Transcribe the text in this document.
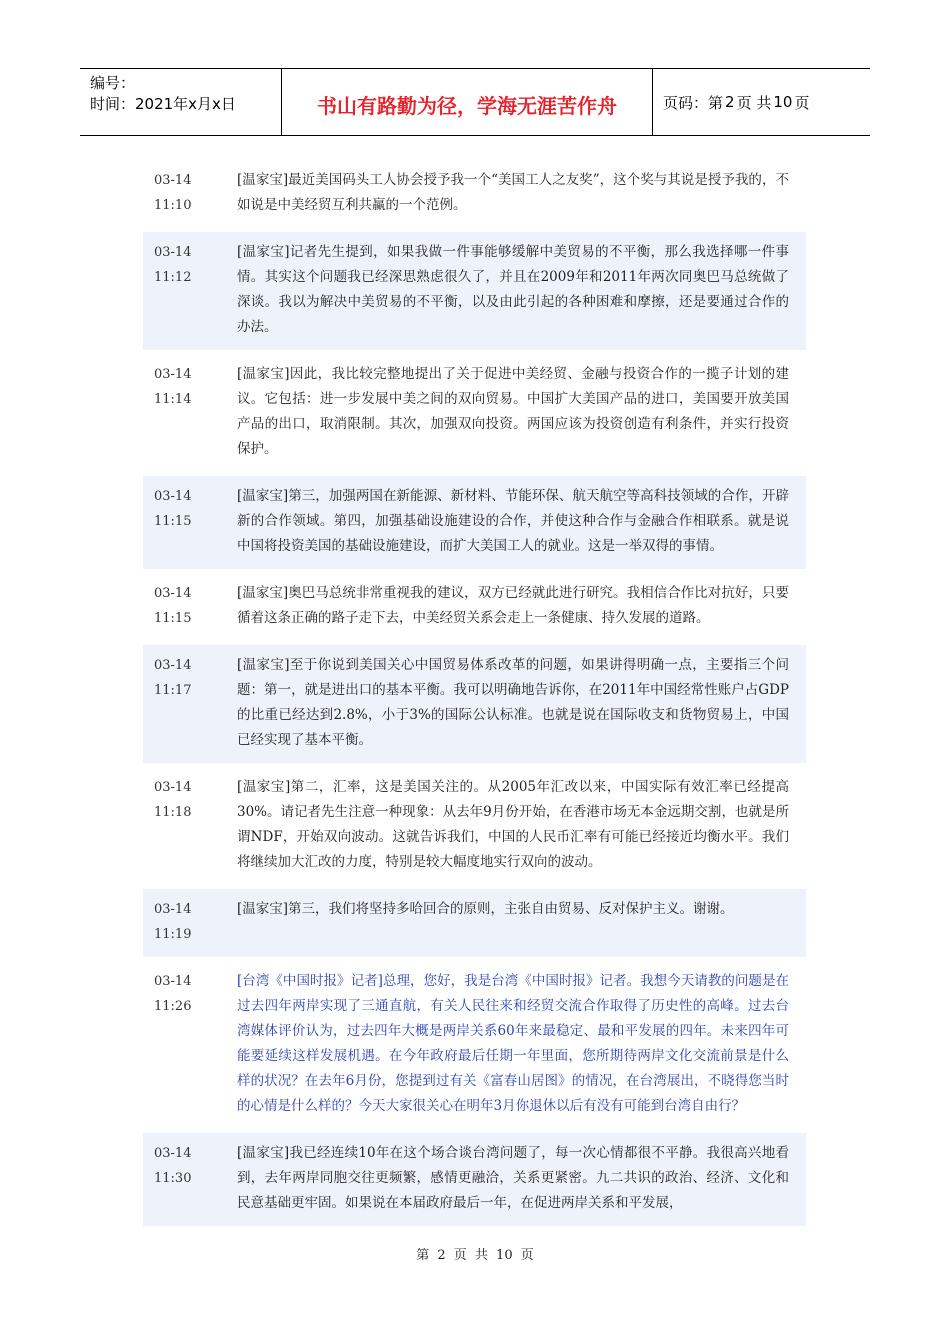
编号：
时间：2021年x月x日	书山有路勤为径，学海无涯苦作舟	页码：第 2 页 共 10 页
03-14
11:10
[温家宝]最近美国码头工人协会授予我一个“美国工人之友奖”，这个奖与其说是授予我的，不如说是中美经贸互利共赢的一个范例。
03-14
11:12
[温家宝]记者先生提到，如果我做一件事能够缓解中美贸易的不平衡，那么我选择哪一件事情。其实这个问题我已经深思熟虑很久了，并且在2009年和2011年两次同奥巴马总统做了深谈。我以为解决中美贸易的不平衡，以及由此引起的各种困难和摩擦，还是要通过合作的办法。
03-14
11:14
[温家宝]因此，我比较完整地提出了关于促进中美经贸、金融与投资合作的一揽子计划的建议。它包括：进一步发展中美之间的双向贸易。中国扩大美国产品的进口，美国要开放美国产品的出口，取消限制。其次，加强双向投资。两国应该为投资创造有利条件，并实行投资保护。
03-14
11:15
[温家宝]第三，加强两国在新能源、新材料、节能环保、航天航空等高科技领域的合作，开辟新的合作领域。第四，加强基础设施建设的合作，并使这种合作与金融合作相联系。就是说中国将投资美国的基础设施建设，而扩大美国工人的就业。这是一举双得的事情。
03-14
11:15
[温家宝]奥巴马总统非常重视我的建议，双方已经就此进行研究。我相信合作比对抗好，只要循着这条正确的路子走下去，中美经贸关系会走上一条健康、持久发展的道路。
03-14
11:17
[温家宝]至于你说到美国关心中国贸易体系改革的问题，如果讲得明确一点，主要指三个问题：第一，就是进出口的基本平衡。我可以明确地告诉你，在2011年中国经常性账户占GDP的比重已经达到2.8%，小于3%的国际公认标准。也就是说在国际收支和货物贸易上，中国已经实现了基本平衡。
03-14
11:18
[温家宝]第二，汇率，这是美国关注的。从2005年汇改以来，中国实际有效汇率已经提高30%。请记者先生注意一种现象：从去年9月份开始，在香港市场无本金远期交割，也就是所谓NDF，开始双向波动。这就告诉我们，中国的人民币汇率有可能已经接近均衡水平。我们将继续加大汇改的力度，特别是较大幅度地实行双向的波动。
03-14
11:19
[温家宝]第三，我们将坚持多哈回合的原则，主张自由贸易、反对保护主义。谢谢。
03-14
11:26
[台湾《中国时报》记者]总理，您好，我是台湾《中国时报》记者。我想今天请教的问题是在过去四年两岸实现了三通直航，有关人民往来和经贸交流合作取得了历史性的高峰。过去台湾媒体评价认为，过去四年大概是两岸关系60年来最稳定、最和平发展的四年。未来四年可能要延续这样发展机遇。在今年政府最后任期一年里面，您所期待两岸文化交流前景是什么样的状况？在去年6月份，您提到过有关《富春山居图》的情况，在台湾展出，不晓得您当时的心情是什么样的？今天大家很关心在明年3月你退休以后有没有可能到台湾自由行？
03-14
11:30
[温家宝]我已经连续10年在这个场合谈台湾问题了，每一次心情都很不平静。我很高兴地看到，去年两岸同胞交往更频繁，感情更融洽，关系更紧密。九二共识的政治、经济、文化和民意基础更牢固。如果说在本届政府最后一年，在促进两岸关系和平发展，
第 2 页 共 10 页
